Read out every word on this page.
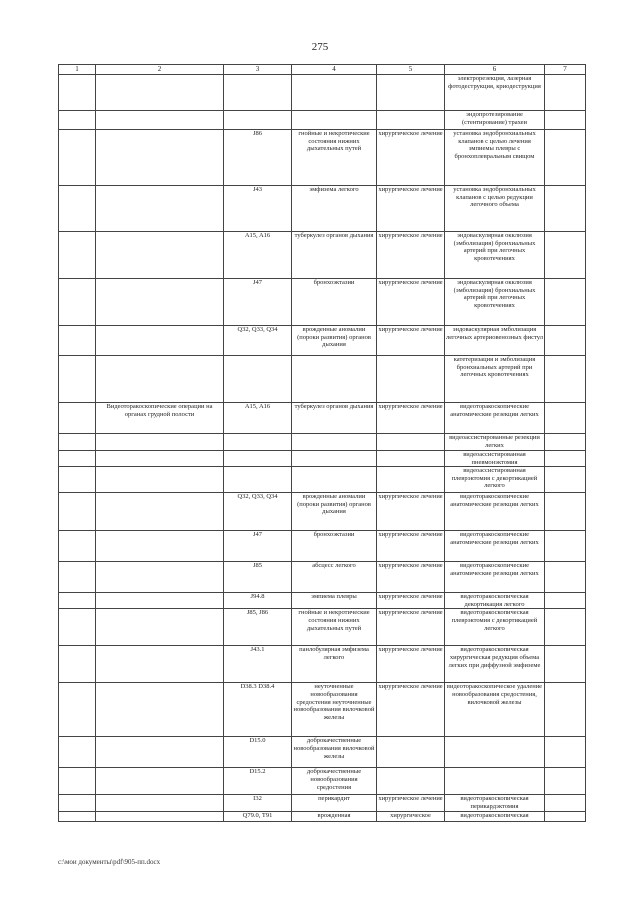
275
1	2	3	4	5	6	7
					электрорезекция, лазерная фотодеструкция, криодеструкция	
					эндопротезирование (стентирование) трахеи	
		J86	гнойные и некротические состояния нижних дыхательных путей	хирургическое лечение	установка эндобронхиальных клапанов с целью лечения эмпиемы плевры с бронхоплевральным свищом	
		J43	эмфизема легкого	хирургическое лечение	установка эндобронхиальных клапанов с целью редукции легочного объема	
		A15, A16	туберкулез органов дыхания	хирургическое лечение	эндоваскулярная окклюзия (эмболизация) бронхиальных артерий при легочных кровотечениях	
		J47	бронхоэктазии	хирургическое лечение	эндоваскулярная окклюзия (эмболизация) бронхиальных артерий при легочных кровотечениях	
		Q32, Q33, Q34	врожденные аномалии (пороки развития) органов дыхания	хирургическое лечение	эндоваскулярная эмболизация легочных артериовенозных фистул	
					катетеризация и эмболизация бронхиальных артерий при легочных кровотечениях	
	Видеоторакоскопические операции на органах грудной полости	A15, A16	туберкулез органов дыхания	хирургическое лечение	видеоторакоскопические анатомические резекции легких	
					видеоассистированные резекции легких	
					видеоассистированная пневмонэктомия	
					видеоассистированная плеврэктомия с декортикацией легкого	
		Q32, Q33, Q34	врожденные аномалии (пороки развития) органов дыхания	хирургическое лечение	видеоторакоскопические анатомические резекции легких	
		J47	бронхоэктазии	хирургическое лечение	видеоторакоскопические анатомические резекции легких	
		J85	абсцесс легкого	хирургическое лечение	видеоторакоскопические анатомические резекции легких	
		J94.8	эмпиема плевры	хирургическое лечение	видеоторакоскопическая декортикация легкого	
		J85, J86	гнойные и некротические состояния нижних дыхательных путей	хирургическое лечение	видеоторакоскопическая плеврэктомия с декортикацией легкого	
		J43.1	панлобулярная эмфизема легкого	хирургическое лечение	видеоторакоскопическая хирургическая редукция объема легких при диффузной эмфиземе	
		D38.3 D38.4	неуточненные новообразования средостения неуточненные новообразования вилочковой железы	хирургическое лечение	видеоторакоскопическое удаление новообразования средостения, вилочковой железы	
		D15.0	доброкачественные новообразования вилочковой железы			
		D15.2	доброкачественные новообразования средостения			
		I32	перикардит	хирургическое лечение	видеоторакоскопическая перикардэктомия	
		Q79.0, T91	врожденная	хирургическое	видеоторакоскопическая	
c:\мои документы\pdf\905-пп.docx
